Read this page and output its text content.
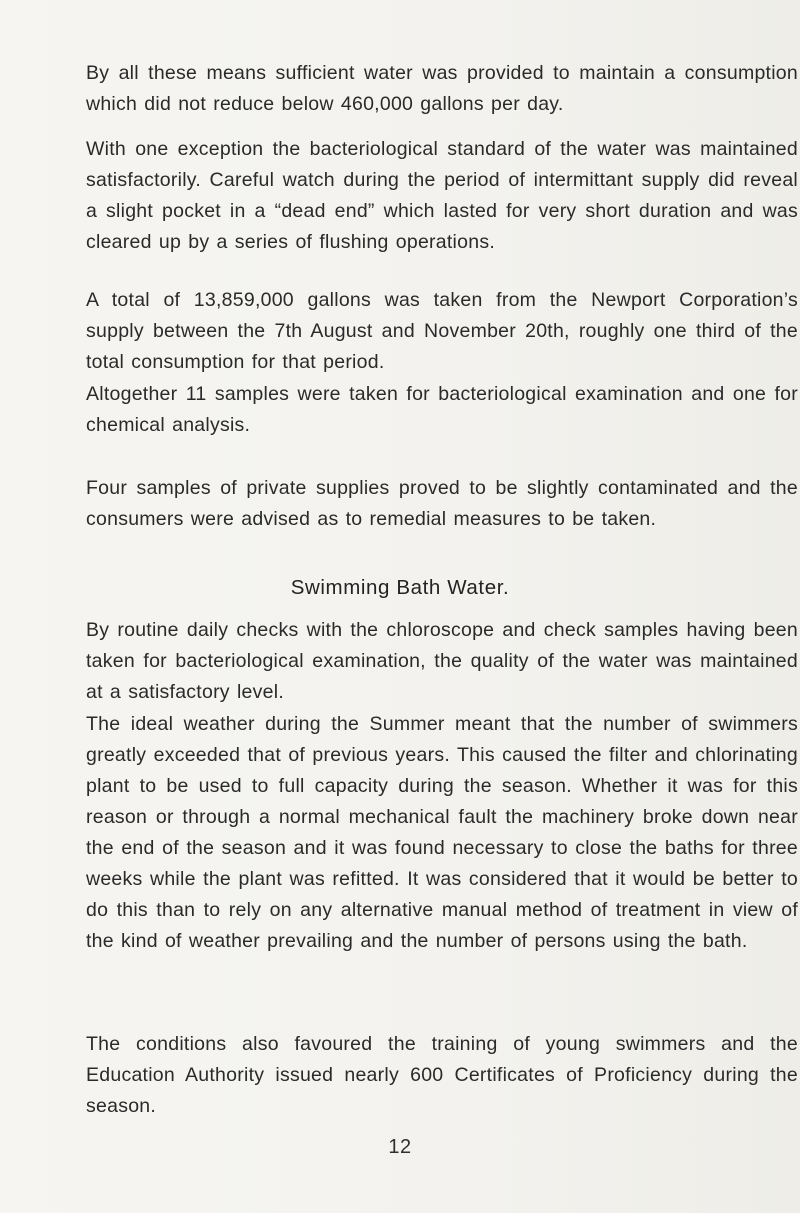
By all these means sufficient water was provided to maintain a consumption which did not reduce below 460,000 gallons per day.

With one exception the bacteriological standard of the water was maintained satisfactorily. Careful watch during the period of intermittant supply did reveal a slight pocket in a “dead end” which lasted for very short duration and was cleared up by a series of flushing operations.

A total of 13,859,000 gallons was taken from the Newport Corporation’s supply between the 7th August and November 20th, roughly one third of the total consumption for that period.

Altogether 11 samples were taken for bacteriological examination and one for chemical analysis.

Four samples of private supplies proved to be slightly contaminated and the consumers were advised as to remedial measures to be taken.

Swimming Bath Water.

By routine daily checks with the chloroscope and check samples having been taken for bacteriological examination, the quality of the water was maintained at a satisfactory level.

The ideal weather during the Summer meant that the number of swimmers greatly exceeded that of previous years. This caused the filter and chlorinating plant to be used to full capacity during the season. Whether it was for this reason or through a normal mechanical fault the machinery broke down near the end of the season and it was found necessary to close the baths for three weeks while the plant was refitted. It was considered that it would be better to do this than to rely on any alternative manual method of treatment in view of the kind of weather prevailing and the number of persons using the bath.

The conditions also favoured the training of young swimmers and the Education Authority issued nearly 600 Certificates of Proficiency during the season.

12
